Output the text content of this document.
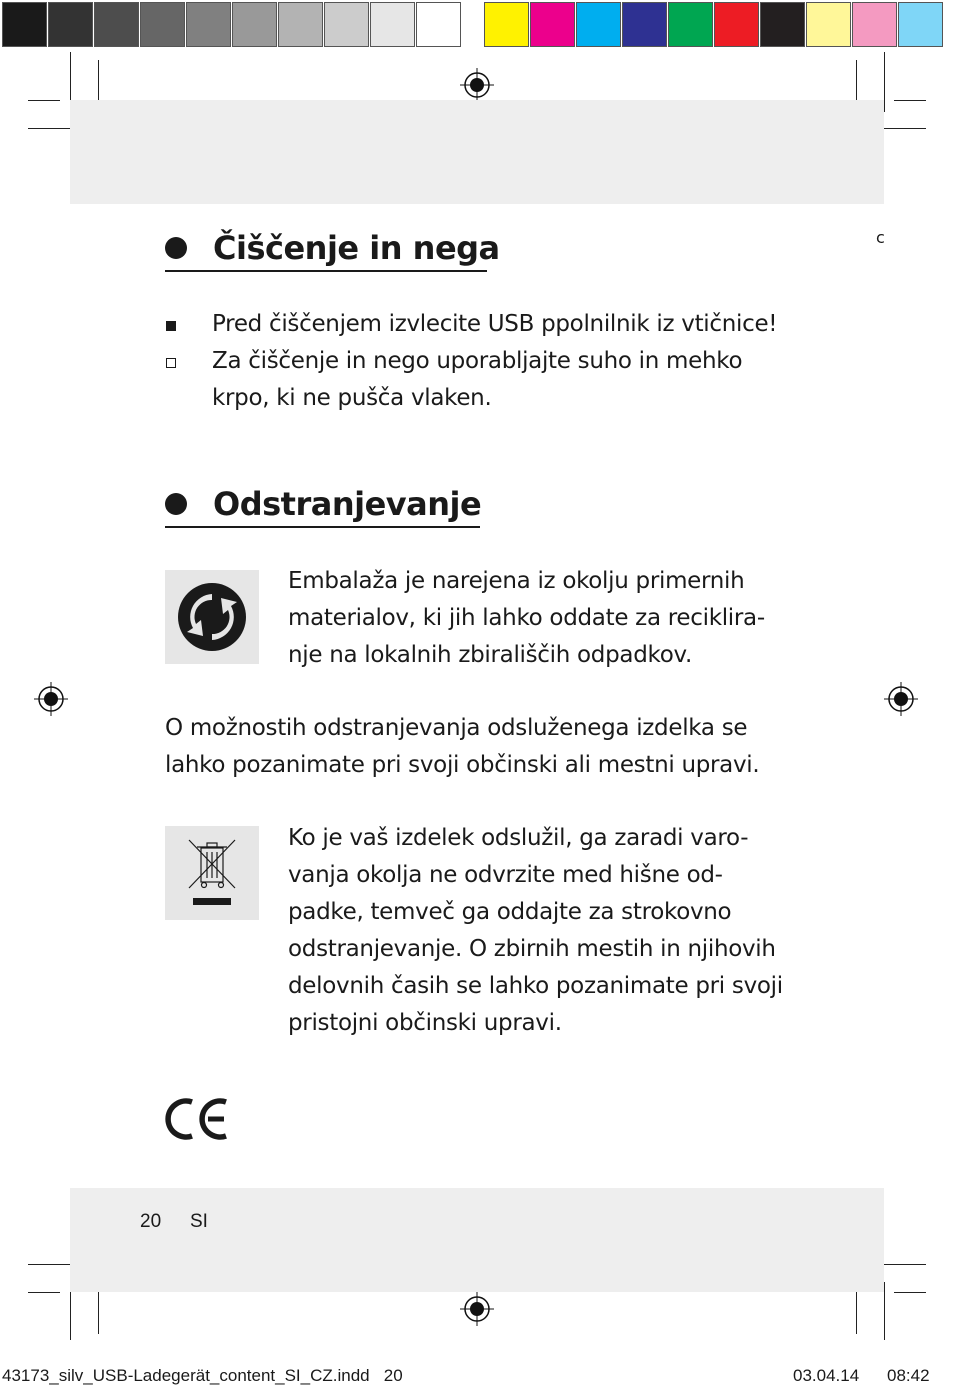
c
Čiščenje in nega
Pred čiščenjem izvlecite USB ppolnilnik iz vtičnice!
Za čiščenje in nego uporabljajte suho in mehko
krpo, ki ne pušča vlaken.
Odstranjevanje
Embalaža je narejena iz okolju primernih
materialov, ki jih lahko oddate za reciklira-
nje na lokalnih zbirališčih odpadkov.
O možnostih odstranjevanja odsluženega izdelka se
lahko pozanimate pri svoji občinski ali mestni upravi.
Ko je vaš izdelek odslužil, ga zaradi varo-
vanja okolja ne odvrzite med hišne od-
padke, temveč ga oddajte za strokovno
odstranjevanje. O zbirnih mestih in njihovih
delovnih časih se lahko pozanimate pri svoji
pristojni občinski upravi.
20 SI
43173_silv_USB-Ladegerät_content_SI_CZ.indd   20	03.04.14 08:42
